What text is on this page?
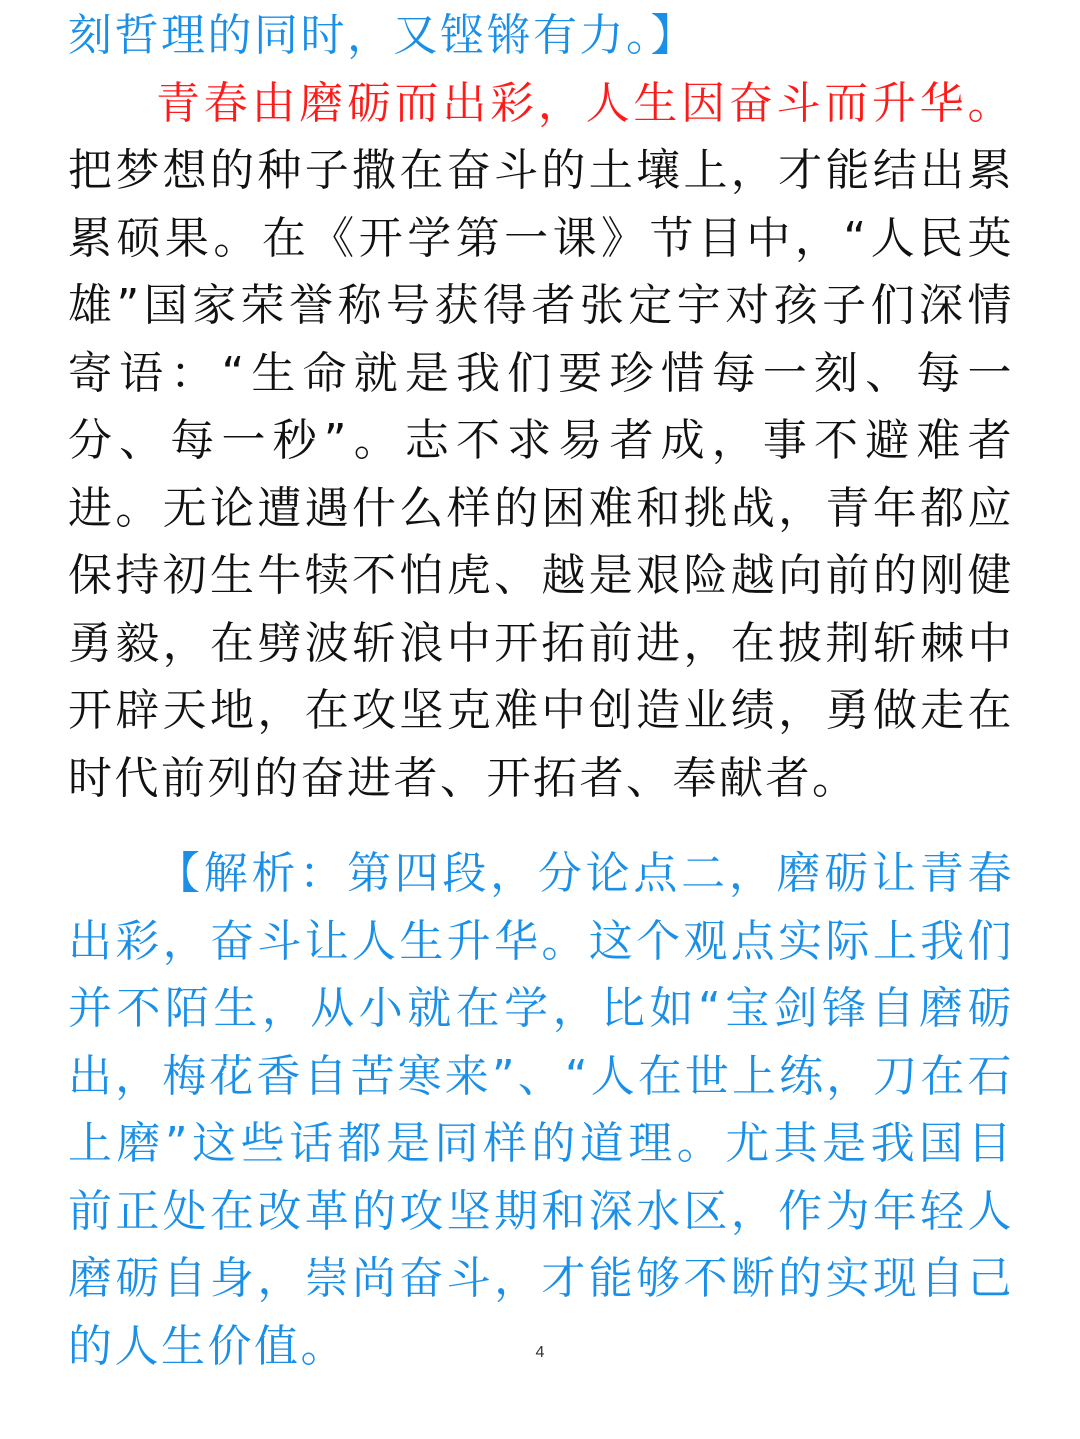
刻哲理的同时，又铿锵有力。】

青春由磨砺而出彩，人生因奋斗而升华。把梦想的种子撒在奋斗的土壤上，才能结出累累硕果。在《开学第一课》节目中，“人民英雄”国家荣誉称号获得者张定宇对孩子们深情寄语：“生命就是我们要珍惜每一刻、每一分、每一秒”。志不求易者成，事不避难者进。无论遭遇什么样的困难和挑战，青年都应保持初生牛犊不怕虎、越是艰险越向前的刚健勇毅，在劈波斩浪中开拓前进，在披荆斩棘中开辟天地，在攻坚克难中创造业绩，勇做走在时代前列的奋进者、开拓者、奉献者。

【解析：第四段，分论点二，磨砺让青春出彩，奋斗让人生升华。这个观点实际上我们并不陌生，从小就在学，比如“宝剑锋自磨砺出，梅花香自苦寒来”、“人在世上练，刀在石上磨”这些话都是同样的道理。尤其是我国目前正处在改革的攻坚期和深水区，作为年轻人磨砺自身，崇尚奋斗，才能够不断的实现自己的人生价值。	4
